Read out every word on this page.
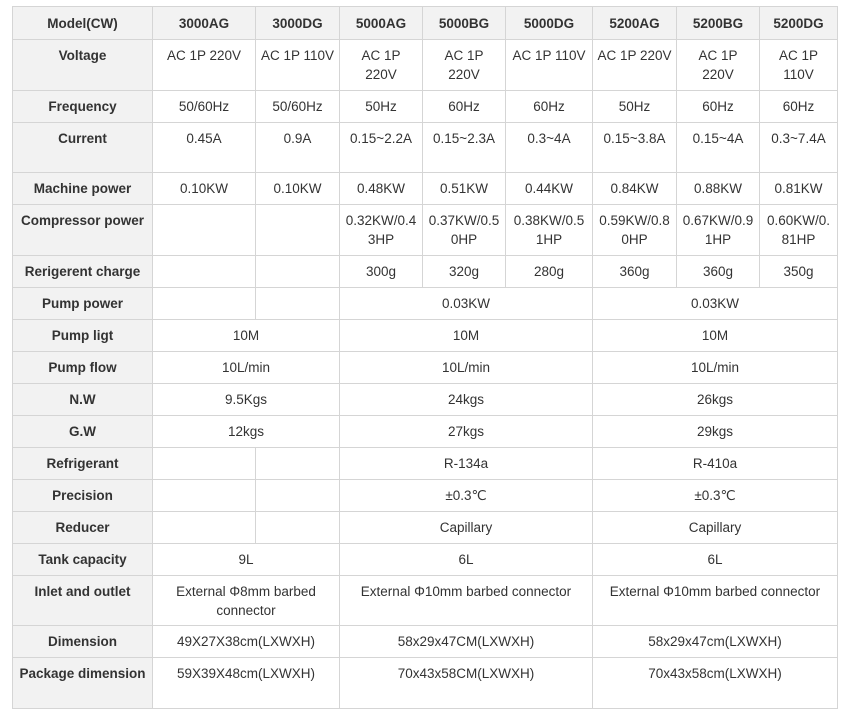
Model(CW)	3000AG	3000DG	5000AG	5000BG	5000DG	5200AG	5200BG	5200DG
Voltage	AC 1P 220V	AC 1P 110V	AC 1P 220V	AC 1P 220V	AC 1P 110V	AC 1P 220V	AC 1P 220V	AC 1P 110V
Frequency	50/60Hz	50/60Hz	50Hz	60Hz	60Hz	50Hz	60Hz	60Hz
Current	0.45A	0.9A	0.15~2.2A	0.15~2.3A	0.3~4A	0.15~3.8A	0.15~4A	0.3~7.4A
Machine power	0.10KW	0.10KW	0.48KW	0.51KW	0.44KW	0.84KW	0.88KW	0.81KW
Compressor power			0.32KW/0.43HP	0.37KW/0.50HP	0.38KW/0.51HP	0.59KW/0.80HP	0.67KW/0.91HP	0.60KW/0.81HP
Rerigerent charge			300g	320g	280g	360g	360g	350g
Pump power			0.03KW			0.03KW		
Pump ligt	10M		10M			10M		
Pump flow	10L/min		10L/min			10L/min		
N.W	9.5Kgs		24kgs			26kgs		
G.W	12kgs		27kgs			29kgs		
Refrigerant			R-134a			R-410a		
Precision			±0.3℃			±0.3℃		
Reducer			Capillary			Capillary		
Tank capacity	9L		6L			6L		
Inlet and outlet	External Φ8mm barbed connector		External Φ10mm barbed connector			External Φ10mm barbed connector		
Dimension	49X27X38cm(LXWXH)		58x29x47CM(LXWXH)			58x29x47cm(LXWXH)		
Package dimension	59X39X48cm(LXWXH)		70x43x58CM(LXWXH)			70x43x58cm(LXWXH)		
